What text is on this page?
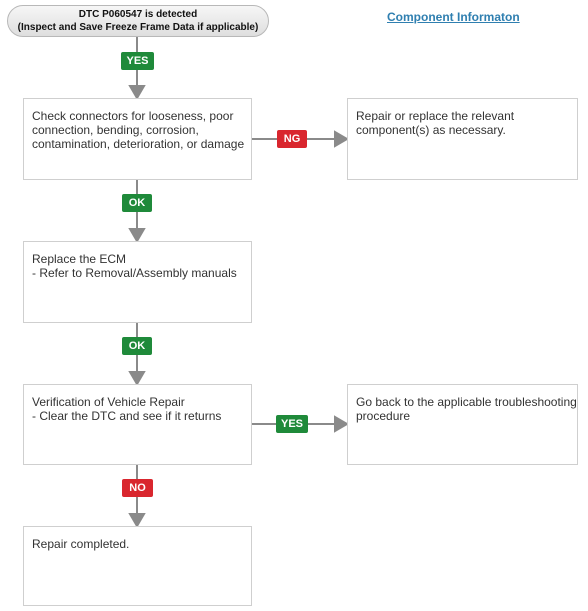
DTC P060547 is detected
(Inspect and Save Freeze Frame Data if applicable)
Component Informaton
Check connectors for looseness, poor
connection, bending, corrosion,
contamination, deterioration, or damage
Repair or replace the relevant
component(s) as necessary.
Replace the ECM
- Refer to Removal/Assembly manuals
Verification of Vehicle Repair
- Clear the DTC and see if it returns
Go back to the applicable troubleshooting
procedure
Repair completed.
YES
NG
OK
OK
YES
NO
